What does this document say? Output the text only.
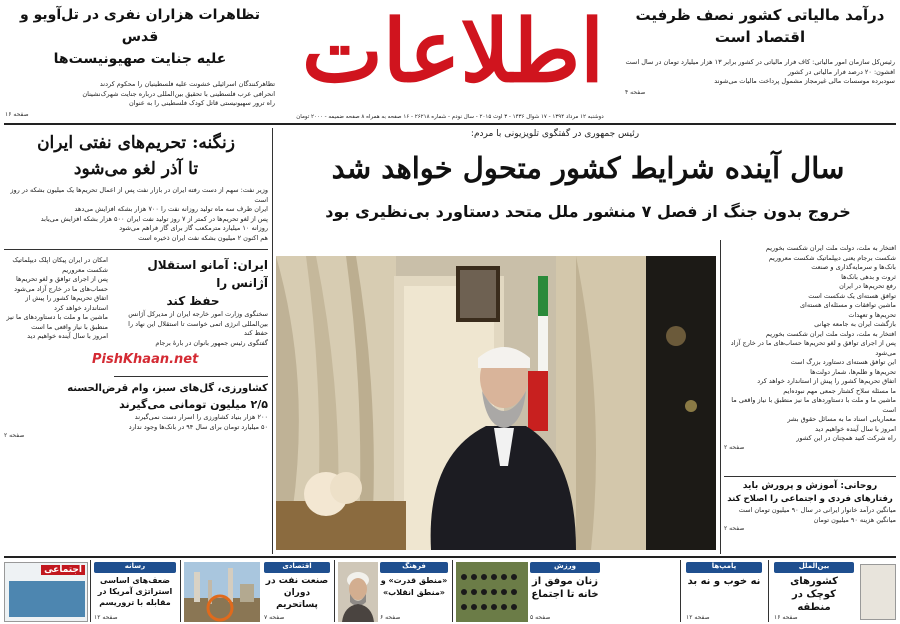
اطلاعات
دوشنبه ۱۲ مرداد ۱۳۹۴ - ۱۷ شوال ۱۴۳۶ - ۳ اوت ۲۰۱۵ - سال نودم - شماره ۲۶۲۱۸ - ۱۶ صفحه به همراه ۸ صفحه ضمیمه - ۲۰۰۰ تومان
درآمد مالیاتی کشور نصف ظرفیت
اقتصاد است
رئیس‌کل سازمان امور مالیاتی: کاف فرار مالیاتی در کشور برابر ۱۳ هزار میلیارد تومان در سال است
افشون: ۲۰ درصد فرار مالیاتی در کشور
سودبرده موسسات مالی غیرمجاز مشمول پرداخت مالیات می‌شوند
صفحه ۴
تظاهرات هزاران نفری در تل‌آویو و قدس
علیه جنایت صهیونیست‌ها
تظاهرکنندگان اسرائیلی خشونت علیه فلسطینیان را محکوم کردند
انحرافی عرب فلسطینی با تحقیق بین‌المللی درباره جنایت شهرک‌نشینان
راه ترور سهیونیستی قاتل کودک فلسطینی را به عنوان
صفحه ۱۶
رئیس جمهوری در گفتگوی تلویزیونی با مردم:
سال آینده شرایط کشور متحول خواهد شد
خروج بدون جنگ از فصل ۷ منشور ملل متحد دستاورد بی‌نظیری بود
افتخار به ملت، دولت ملت ایران شکست بخوریم
شکست برجام یعنی دیپلماتیک شکست معروریم
بانک‌ها و سرمایه‌گذاری و صنعت
ثروت و بدهی بانک‌ها
رفع تحریم‌ها در ایران
توافق هسته‌ای یک شکست است
ماشین توافقات و مسئله‌ای هسته‌ای
تحریم‌ها و تعهدات
بازگشت ایران به جامعه جهانی
افتخار به ملت، دولت ملت ایران شکست بخوریم
پس از اجرای توافق و لغو تحریم‌ها حساب‌های ما در خارج آزاد می‌شود
این توافق هسته‌ای دستاورد بزرگ است
تحریم‌ها و ظلم‌ها، شمار دولت‌ها
اتفاق تحریم‌ها کشور را پیش از استاندارد خواهد کرد
ما مسئله سلاح کشتار جمعی مهم نبوده‌ایم
ماشین ما و ملت با دستاوردهای ما نیز منطبق با نیاز واقعی ما است
معماریابی اسناد ما به مسائل حقوق بشر
امروز با سال آینده خواهیم دید
راه شرکت کنید همچنان در این کشور
صفحه ۲
روحانی: آموزش و پرورش باید
رفتارهای فردی و اجتماعی را اصلاح کند
میانگین درآمد خانوار ایرانی در سال ۹۰ میلیون تومان است
میانگین هزینه ۹۰ میلیون تومان
صفحه ۲
زنگنه: تحریم‌های نفتی ایران
تا آذر لغو می‌شود
وزیر نفت: سهم از دست رفته ایران در بازار نفت پس از اعمال تحریم‌ها یک میلیون بشکه در روز است
ایران ظرف سه ماه تولید روزانه نفت را ۷۰۰ هزار بشکه افزایش می‌دهد
پس از لغو تحریم‌ها در کمتر از ۷ روز تولید نفت ایران ۵۰۰ هزار بشکه افزایش می‌یابد
روزانه ۱۰ میلیارد مترمکعب گاز برای گاز فراهم می‌شود
هم اکنون ۲ میلیون بشکه نفت ایران ذخیره است
ایران: آمانو استقلال آژانس را
حفظ کند
سخنگوی وزارت امور خارجه ایران از مدیرکل آژانس بین‌المللی انرژی اتمی خواست تا استقلال این نهاد را حفظ کند
گفتگوی رئیس جمهور بانوان در بارهٔ برجام
PishKhaan.net
امکان در ایران پیکان اپلک دیپلماتیک شکست معروریم
پس از اجرای توافق و لغو تحریم‌ها حساب‌های ما در خارج آزاد می‌شود
اتفاق تحریم‌ها کشور را پیش از استاندارد خواهد کرد
ماشین ما و ملت با دستاوردهای ما نیز منطبق با نیاز واقعی ما است
امروز با سال آینده خواهیم دید
کشاورزی، گل‌های سبز، وام قرض‌الحسنه
۲/۵ میلیون تومانی می‌گیرند
۲۰۰ هزار بنیاد کشاورزی را اسرار دست نمی‌گیرند
۵۰ میلیارد تومان برای سال ۹۴ در بانک‌ها وجود ندارد
صفحه ۲
بین‌الملل
کشورهای کوچک در منطقه
صفحه ۱۶
پامپ‌ها
نه خوب و نه بد
صفحه ۱۲
ورزش
زنان موفق از خانه تا اجتماع
صفحه ۵
فرهنگ
«منطق قدرت» و «منطق انقلاب»
صفحه ۶
اقتصادی
صنعت نفت در دوران پساتحریم
صفحه ۷
رسانه
ضعف‌های اساسی استراتژی آمریکا در مقابله با تروریسم
صفحه ۱۲
اجتماعی
